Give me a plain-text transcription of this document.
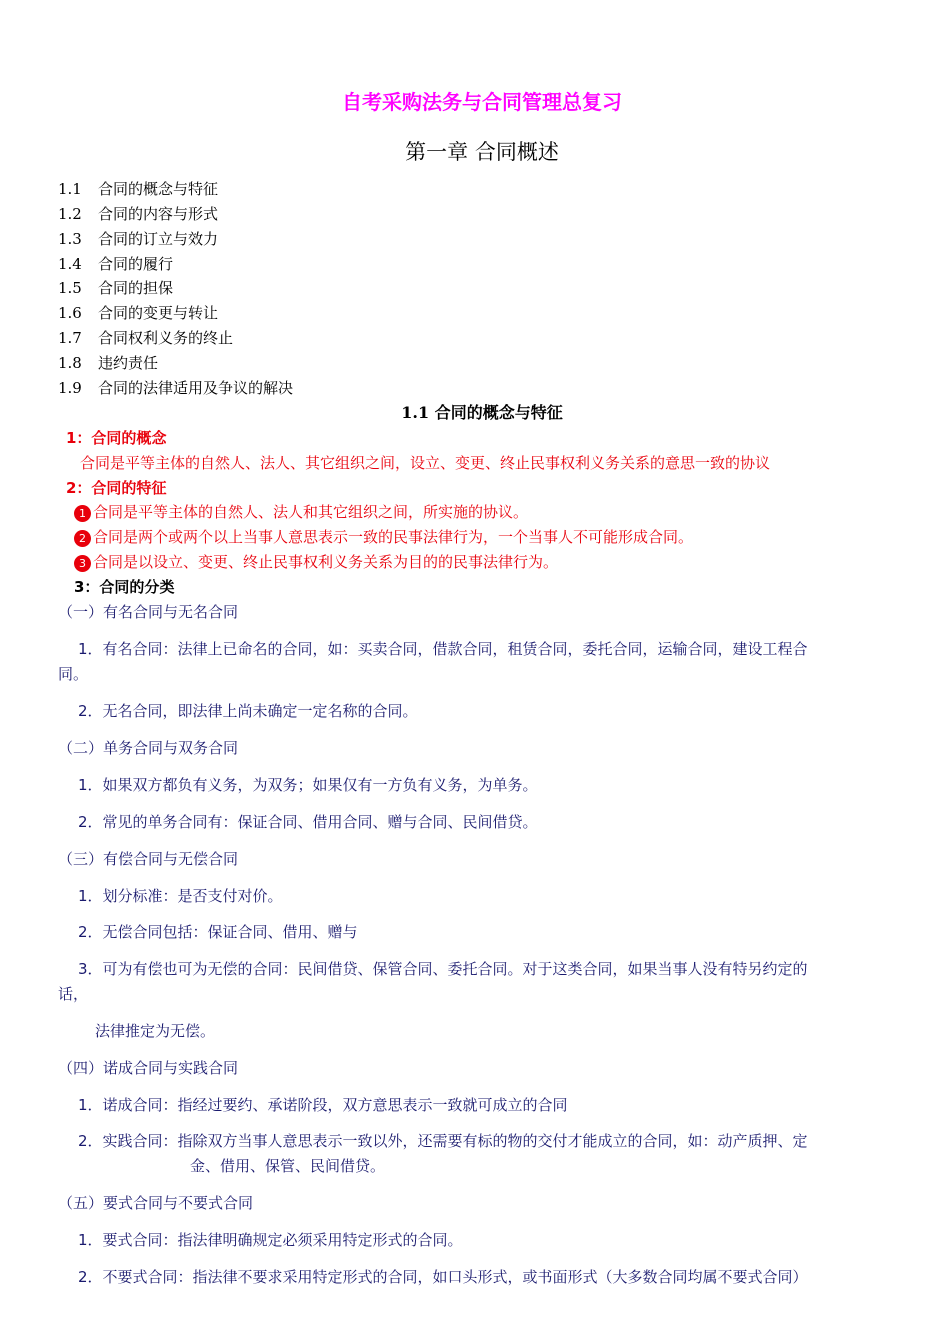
自考采购法务与合同管理总复习
第一章 合同概述
1.1 合同的概念与特征
1.2 合同的内容与形式
1.3 合同的订立与效力
1.4 合同的履行
1.5 合同的担保
1.6 合同的变更与转让
1.7 合同权利义务的终止
1.8 违约责任
1.9 合同的法律适用及争议的解决
1.1 合同的概念与特征
1：合同的概念
合同是平等主体的自然人、法人、其它组织之间，设立、变更、终止民事权利义务关系的意思一致的协议
2：合同的特征
1 合同是平等主体的自然人、法人和其它组织之间，所实施的协议。
2 合同是两个或两个以上当事人意思表示一致的民事法律行为，一个当事人不可能形成合同。
3 合同是以设立、变更、终止民事权利义务关系为目的的民事法律行为。
3：合同的分类
（一）有名合同与无名合同
1．有名合同：法律上已命名的合同，如：买卖合同，借款合同，租赁合同，委托合同，运输合同，建设工程合
同。
2．无名合同，即法律上尚未确定一定名称的合同。
（二）单务合同与双务合同
1．如果双方都负有义务，为双务；如果仅有一方负有义务，为单务。
2．常见的单务合同有：保证合同、借用合同、赠与合同、民间借贷。
（三）有偿合同与无偿合同
1．划分标准：是否支付对价。
2．无偿合同包括：保证合同、借用、赠与
3．可为有偿也可为无偿的合同：民间借贷、保管合同、委托合同。对于这类合同，如果当事人没有特另约定的
话，
法律推定为无偿。
（四）诺成合同与实践合同
1．诺成合同：指经过要约、承诺阶段，双方意思表示一致就可成立的合同
2．实践合同：指除双方当事人意思表示一致以外，还需要有标的物的交付才能成立的合同，如：动产质押、定
金、借用、保管、民间借贷。
（五）要式合同与不要式合同
1．要式合同：指法律明确规定必须采用特定形式的合同。
2．不要式合同：指法律不要求采用特定形式的合同，如口头形式，或书面形式（大多数合同均属不要式合同）
